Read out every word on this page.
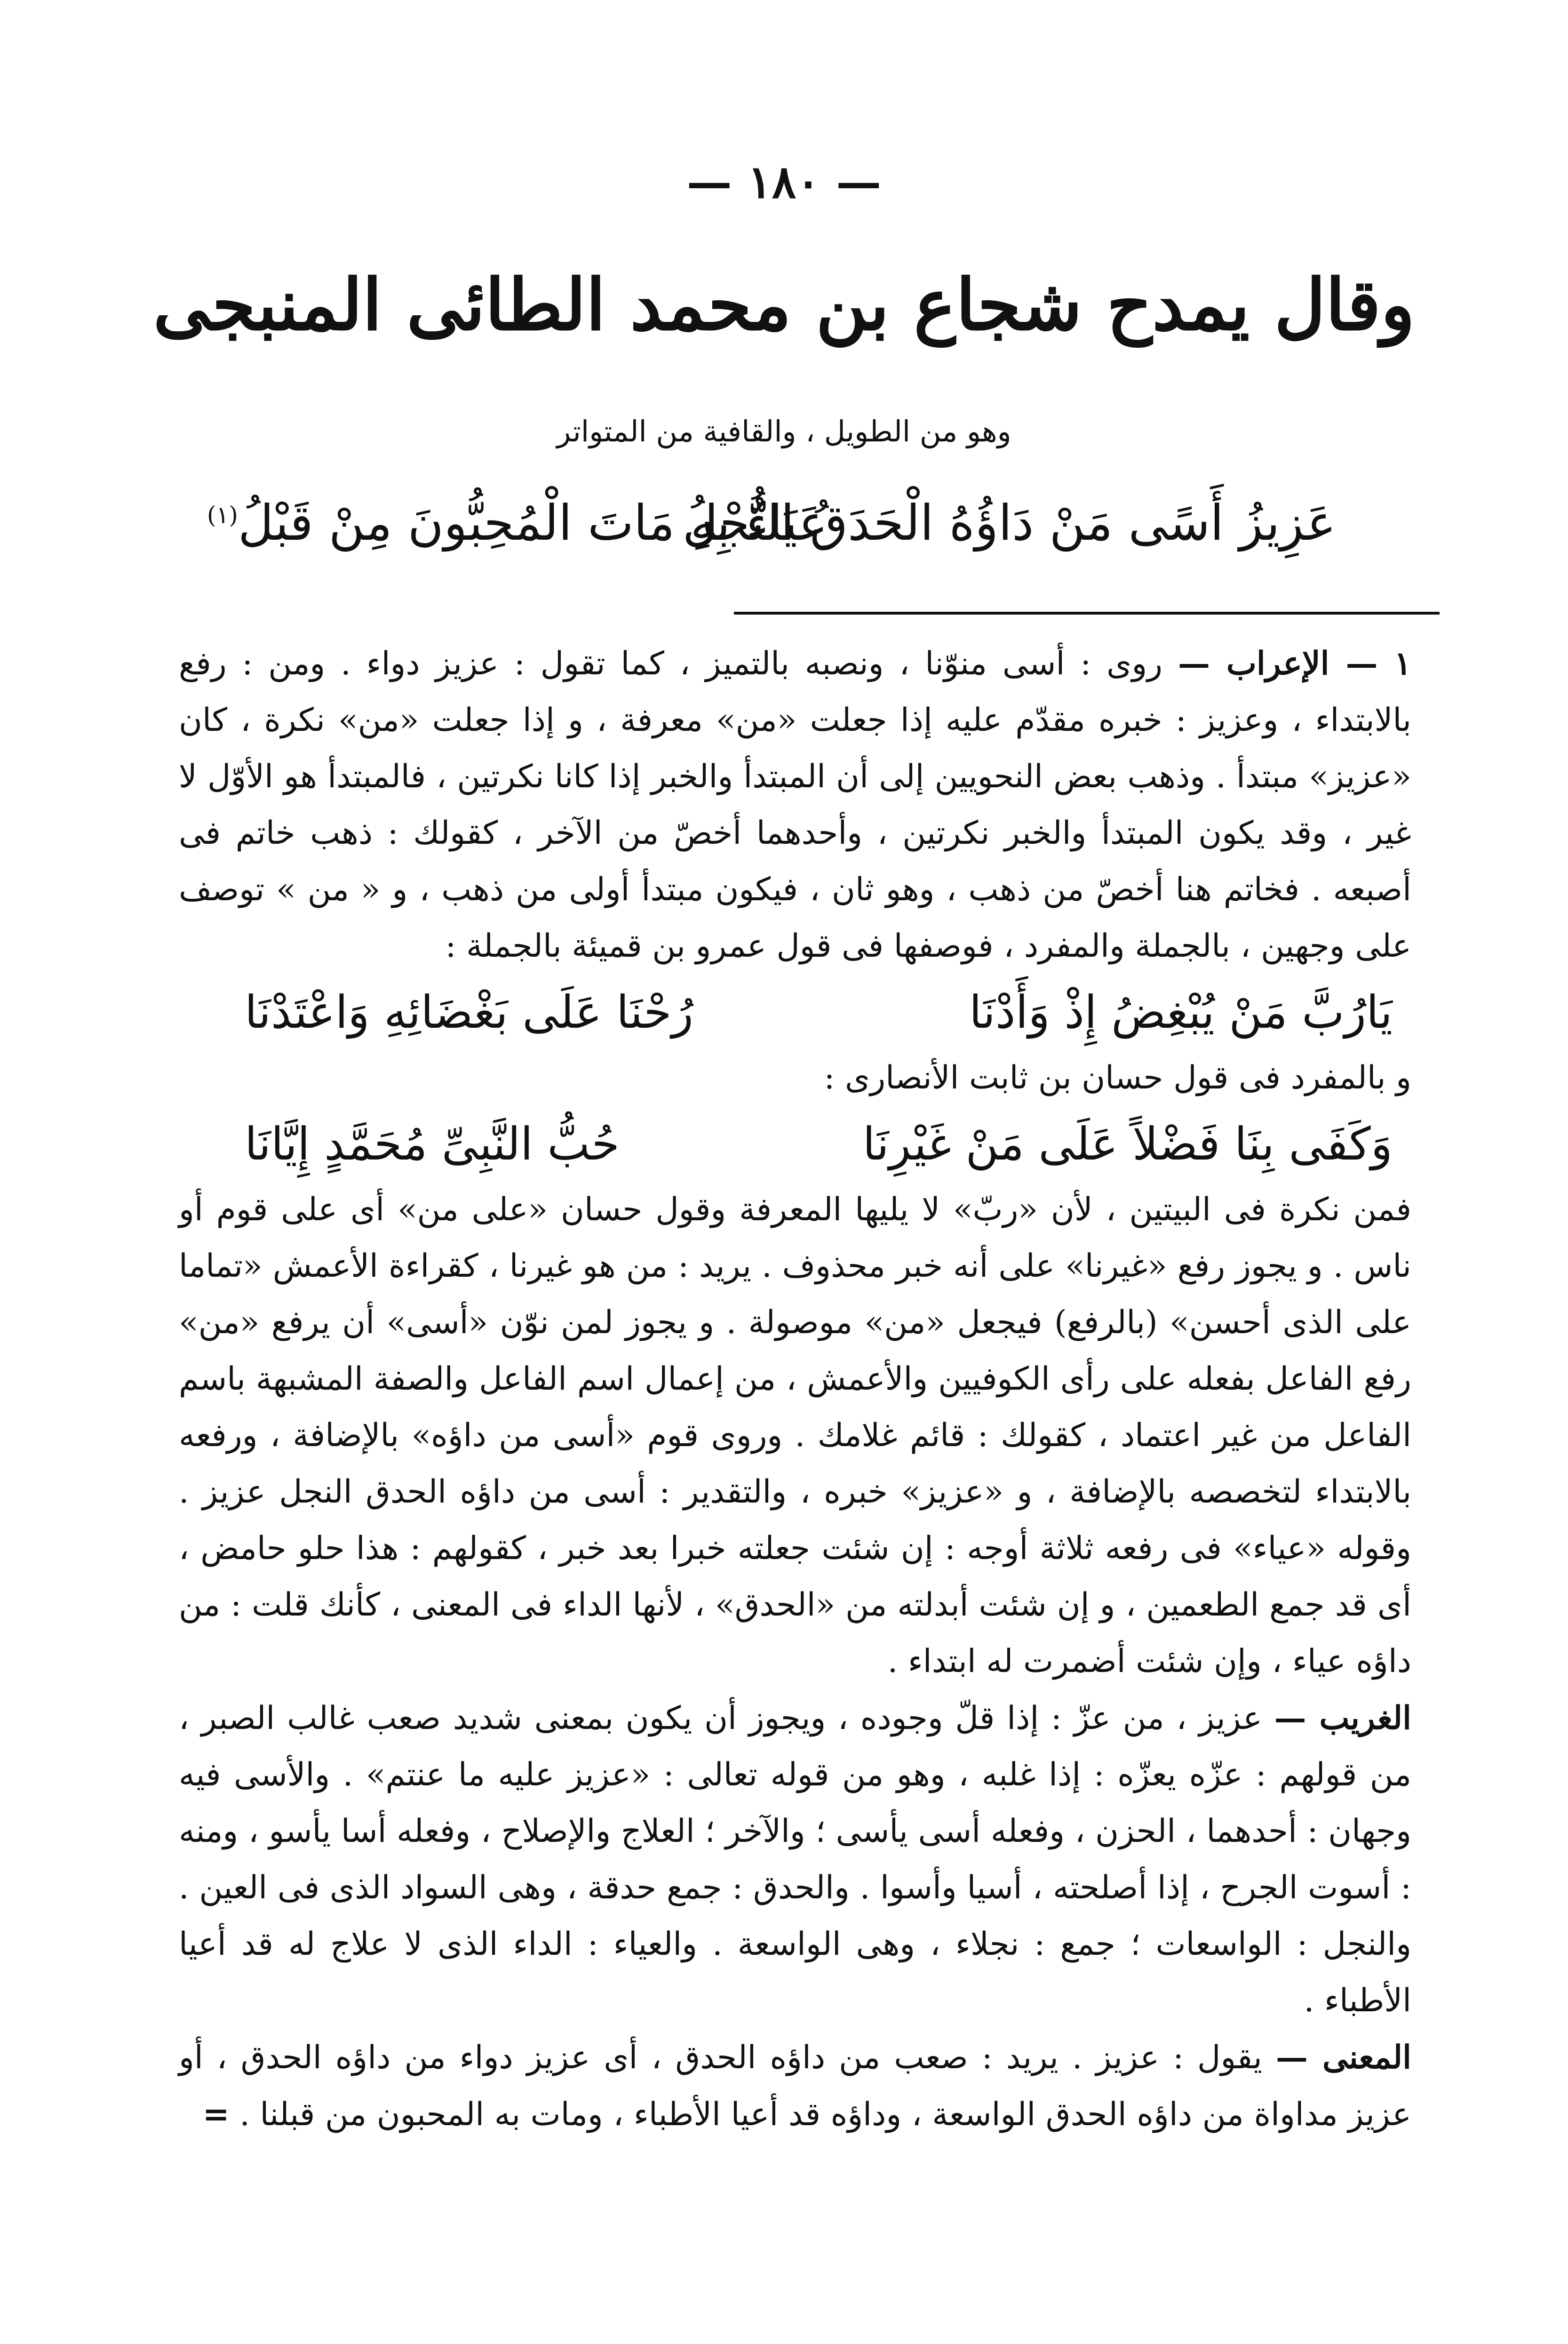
— ١٨٠ —
وقال يمدح شجاع بن محمد الطائى المنبجى
وهو من الطويل ، والقافية من المتواتر
عَزِيزُ أَسًى مَنْ دَاؤُهُ الْحَدَقُ النُّجْلُ
عَيَاءٌ بِهِ مَاتَ الْمُحِبُّونَ مِنْ قَبْلُ$^{(١)}$

١ — الإعراب — روى : أسى منوّنا ، ونصبه بالتميز ، كما تقول : عزيز دواء . ومن : رفع بالابتداء ، وعزيز : خبره مقدّم عليه إذا جعلت «من» معرفة ، و إذا جعلت «من» نكرة ، كان «عزيز» مبتدأ . وذهب بعض النحويين إلى أن المبتدأ والخبر إذا كانا نكرتين ، فالمبتدأ هو الأوّل لا غير ، وقد يكون المبتدأ والخبر نكرتين ، وأحدهما أخصّ من الآخر ، كقولك : ذهب خاتم فى أصبعه . فخاتم هنا أخصّ من ذهب ، وهو ثان ، فيكون مبتدأ أولى من ذهب ، و « من » توصف على وجهين ، بالجملة والمفرد ، فوصفها فى قول عمرو بن قميئة بالجملة :

يَارُبَّ مَنْ يُبْغِضُ إِذْ وَأَدْنَا
رُحْنَا عَلَى بَغْضَائِهِ وَاعْتَدْنَا

و بالمفرد فى قول حسان بن ثابت الأنصارى :

وَكَفَى بِنَا فَضْلاً عَلَى مَنْ غَيْرِنَا
حُبُّ النَّبِىِّ مُحَمَّدٍ إِيَّانَا

فمن نكرة فى البيتين ، لأن «ربّ» لا يليها المعرفة وقول حسان «على من» أى على قوم أو ناس . و يجوز رفع «غيرنا» على أنه خبر محذوف . يريد : من هو غيرنا ، كقراءة الأعمش «تماما على الذى أحسن» (بالرفع) فيجعل «من» موصولة . و يجوز لمن نوّن «أسى» أن يرفع «من» رفع الفاعل بفعله على رأى الكوفيين والأعمش ، من إعمال اسم الفاعل والصفة المشبهة باسم الفاعل من غير اعتماد ، كقولك : قائم غلامك . وروى قوم «أسى من داؤه» بالإضافة ، ورفعه بالابتداء لتخصصه بالإضافة ، و «عزيز» خبره ، والتقدير : أسى من داؤه الحدق النجل عزيز . وقوله «عياء» فى رفعه ثلاثة أوجه : إن شئت جعلته خبرا بعد خبر ، كقولهم : هذا حلو حامض ، أى قد جمع الطعمين ، و إن شئت أبدلته من «الحدق» ، لأنها الداء فى المعنى ، كأنك قلت : من داؤه عياء ، وإن شئت أضمرت له ابتداء .

الغريب — عزيز ، من عزّ : إذا قلّ وجوده ، ويجوز أن يكون بمعنى شديد صعب غالب الصبر ، من قولهم : عزّه يعزّه : إذا غلبه ، وهو من قوله تعالى : «عزيز عليه ما عنتم» . والأسى فيه وجهان : أحدهما ، الحزن ، وفعله أسى يأسى ؛ والآخر ؛ العلاج والإصلاح ، وفعله أسا يأسو ، ومنه : أسوت الجرح ، إذا أصلحته ، أسيا وأسوا . والحدق : جمع حدقة ، وهى السواد الذى فى العين . والنجل : الواسعات ؛ جمع : نجلاء ، وهى الواسعة . والعياء : الداء الذى لا علاج له قد أعيا الأطباء .

المعنى — يقول : عزيز . يريد : صعب من داؤه الحدق ، أى عزيز دواء من داؤه الحدق ، أو عزيز مداواة من داؤه الحدق الواسعة ، وداؤه قد أعيا الأطباء ، ومات به المحبون من قبلنا . =
